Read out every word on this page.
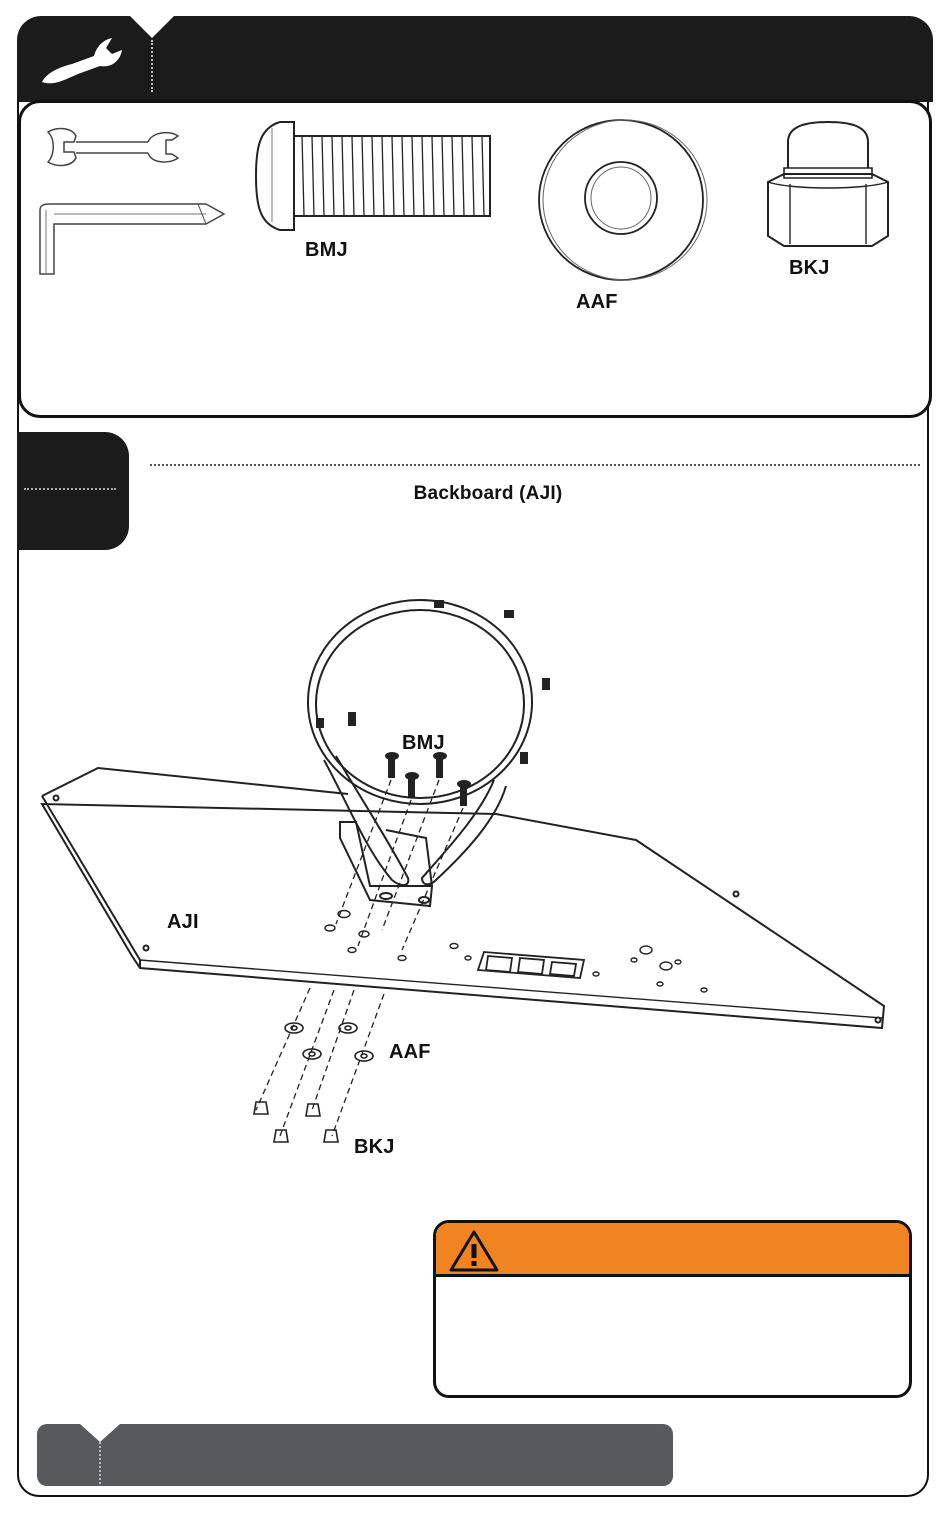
BMJ
AAF
BKJ
Backboard (AJI)
BMJ
AJI
AAF
BKJ
